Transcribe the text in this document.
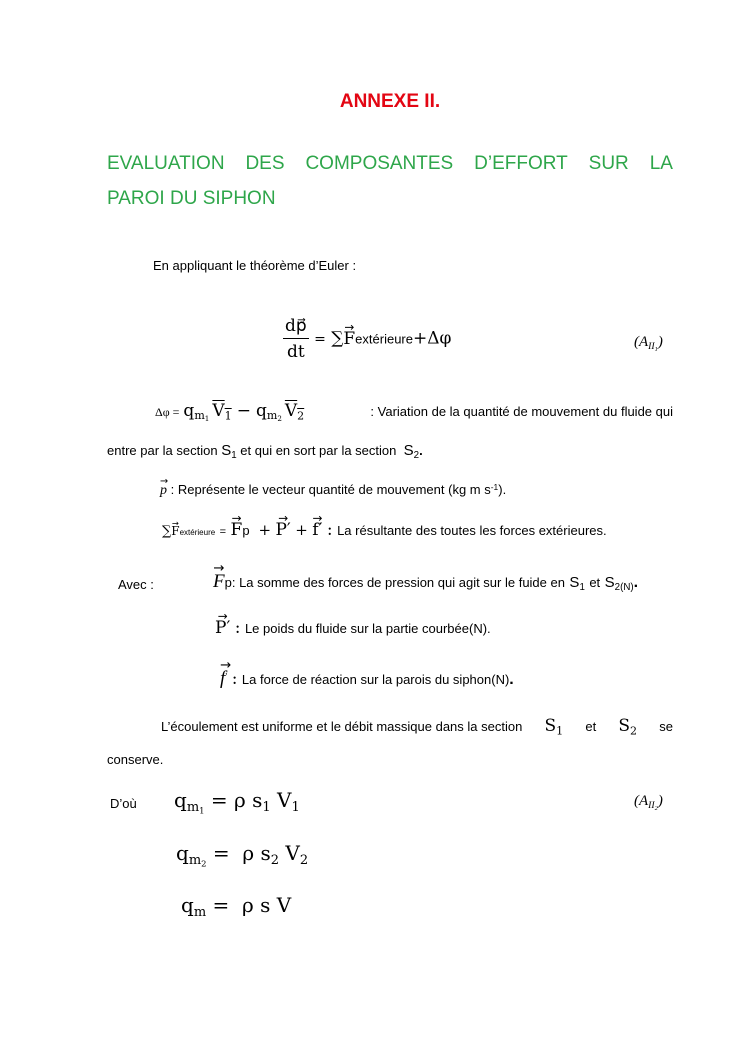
ANNEXE II.
EVALUATION DES COMPOSANTES D’EFFORT SUR LA
PAROI DU SIPHON
En appliquant le théorème d’Euler :
$\frac{dp⃗}{dt}$ = ∑→ Fextérieure+Δφ	$(A_{II_1})$
$\Delta\varphi = q_{m_1}$ $V_1 - q_{m_2}$ $V_2$	: Variation de la quantité de mouvement du fluide qui
entre par la section $S_1$ et qui en sort par la section $S_2$.
→ p : Représente le vecteur quantité de mouvement (kg m $s^{-1}$).
∑→ Fextérieure = → Fp + → P′ + → f′ : La résultante des toutes les forces extérieures.
Avec :	→ Fp: La somme des forces de pression qui agit sur le fuide en $S_1$ et $S_{2(N)}$.
→ P′ : Le poids du fluide sur la partie courbée(N).
→ f’ : La force de réaction sur la parois du siphon(N).
L’écoulement est uniforme et le débit massique dans la section $S_1$ et $S_2$ se
conserve.
D’où $q_{m_1} = \rho$ $s_1$ $V_1$	$(A_{II_2})$
$q_{m_2} = \rho$ $s_2$ $V_2$
$q_m = \rho$ s V
